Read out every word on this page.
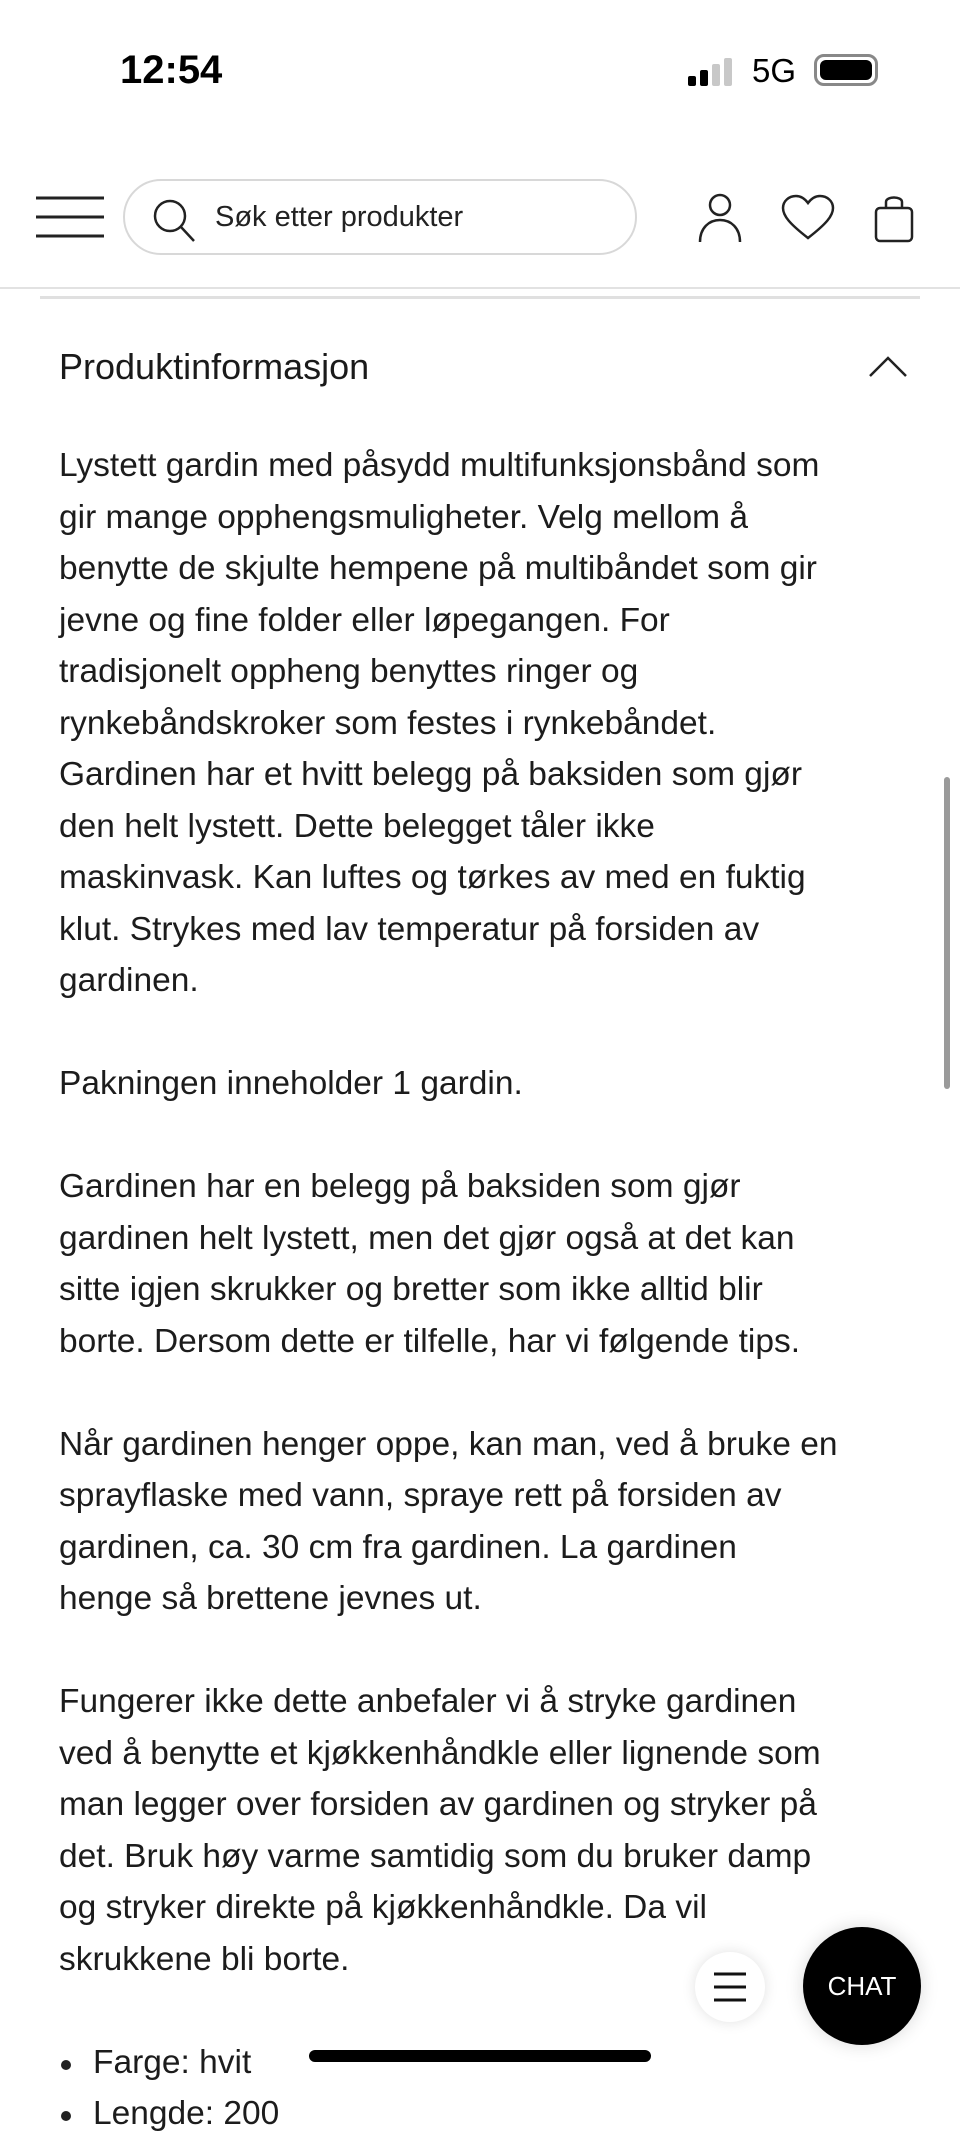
12:54	5G
Søk etter produkter
Produktinformasjon
Lystett gardin med påsydd multifunksjonsbånd som
gir mange opphengsmuligheter. Velg mellom å
benytte de skjulte hempene på multibåndet som gir
jevne og fine folder eller løpegangen. For
tradisjonelt oppheng benyttes ringer og
rynkebåndskroker som festes i rynkebåndet.
Gardinen har et hvitt belegg på baksiden som gjør
den helt lystett. Dette belegget tåler ikke
maskinvask. Kan luftes og tørkes av med en fuktig
klut. Strykes med lav temperatur på forsiden av
gardinen.
Pakningen inneholder 1 gardin.
Gardinen har en belegg på baksiden som gjør
gardinen helt lystett, men det gjør også at det kan
sitte igjen skrukker og bretter som ikke alltid blir
borte. Dersom dette er tilfelle, har vi følgende tips.
Når gardinen henger oppe, kan man, ved å bruke en
sprayflaske med vann, spraye rett på forsiden av
gardinen, ca. 30 cm fra gardinen. La gardinen
henge så brettene jevnes ut.
Fungerer ikke dette anbefaler vi å stryke gardinen
ved å benytte et kjøkkenhåndkle eller lignende som
man legger over forsiden av gardinen og stryker på
det. Bruk høy varme samtidig som du bruker damp
og stryker direkte på kjøkkenhåndkle. Da vil
skrukkene bli borte.
Farge: hvit
Lengde: 200
CHAT
